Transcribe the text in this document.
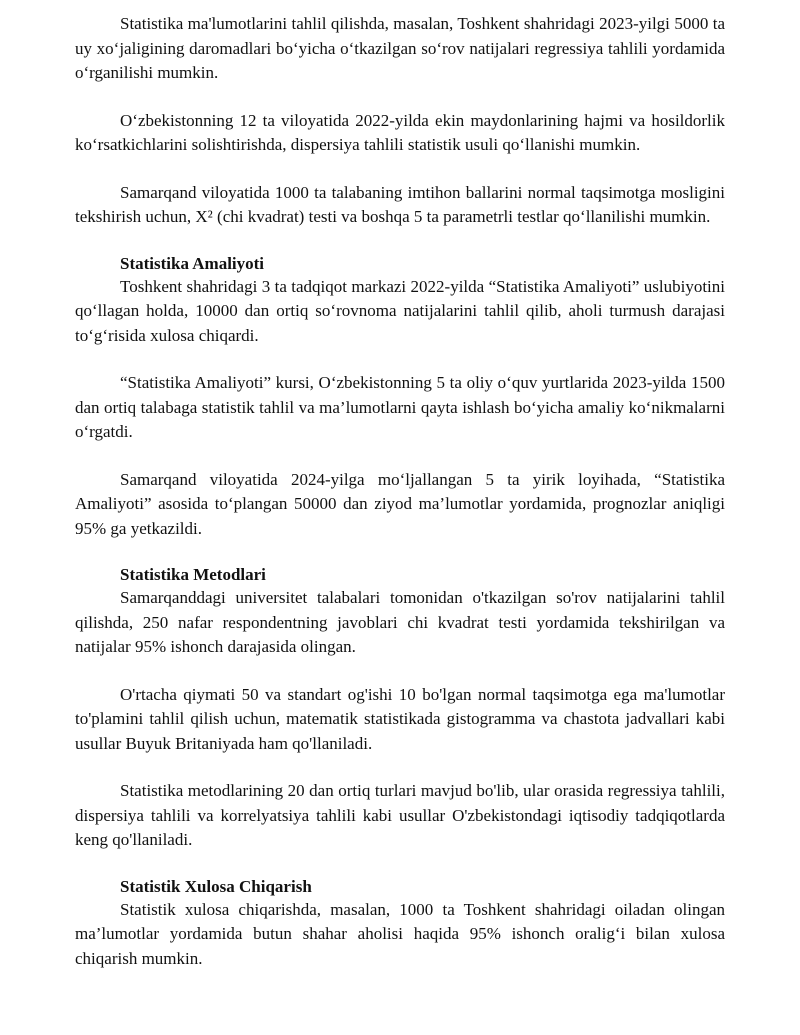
Statistika ma'lumotlarini tahlil qilishda, masalan, Toshkent shahridagi 2023-yilgi 5000 ta uy xo‘jaligining daromadlari bo‘yicha o‘tkazilgan so‘rov natijalari regressiya tahlili yordamida o‘rganilishi mumkin.

O‘zbekistonning 12 ta viloyatida 2022-yilda ekin maydonlarining hajmi va hosildorlik ko‘rsatkichlarini solishtirishda, dispersiya tahlili statistik usuli qo‘llanishi mumkin.

Samarqand viloyatida 1000 ta talabaning imtihon ballarini normal taqsimotga mosligini tekshirish uchun, X² (chi kvadrat) testi va boshqa 5 ta parametrli testlar qo‘llanilishi mumkin.

Statistika Amaliyoti

Toshkent shahridagi 3 ta tadqiqot markazi 2022-yilda “Statistika Amaliyoti” uslubiyotini qo‘llagan holda, 10000 dan ortiq so‘rovnoma natijalarini tahlil qilib, aholi turmush darajasi to‘g‘risida xulosa chiqardi.

“Statistika Amaliyoti” kursi, O‘zbekistonning 5 ta oliy o‘quv yurtlarida 2023-yilda 1500 dan ortiq talabaga statistik tahlil va ma’lumotlarni qayta ishlash bo‘yicha amaliy ko‘nikmalarni o‘rgatdi.

Samarqand viloyatida 2024-yilga mo‘ljallangan 5 ta yirik loyihada, “Statistika Amaliyoti” asosida to‘plangan 50000 dan ziyod ma’lumotlar yordamida, prognozlar aniqligi 95% ga yetkazildi.

Statistika Metodlari

Samarqanddagi universitet talabalari tomonidan o'tkazilgan so'rov natijalarini tahlil qilishda, 250 nafar respondentning javoblari chi kvadrat testi yordamida tekshirilgan va natijalar 95% ishonch darajasida olingan.

O'rtacha qiymati 50 va standart og'ishi 10 bo'lgan normal taqsimotga ega ma'lumotlar to'plamini tahlil qilish uchun, matematik statistikada gistogramma va chastota jadvallari kabi usullar Buyuk Britaniyada ham qo'llaniladi.

Statistika metodlarining 20 dan ortiq turlari mavjud bo'lib, ular orasida regressiya tahlili, dispersiya tahlili va korrelyatsiya tahlili kabi usullar O'zbekistondagi iqtisodiy tadqiqotlarda keng qo'llaniladi.

Statistik Xulosa Chiqarish

Statistik xulosa chiqarishda, masalan, 1000 ta Toshkent shahridagi oiladan olingan ma’lumotlar yordamida butun shahar aholisi haqida 95% ishonch oralig‘i bilan xulosa chiqarish mumkin.
